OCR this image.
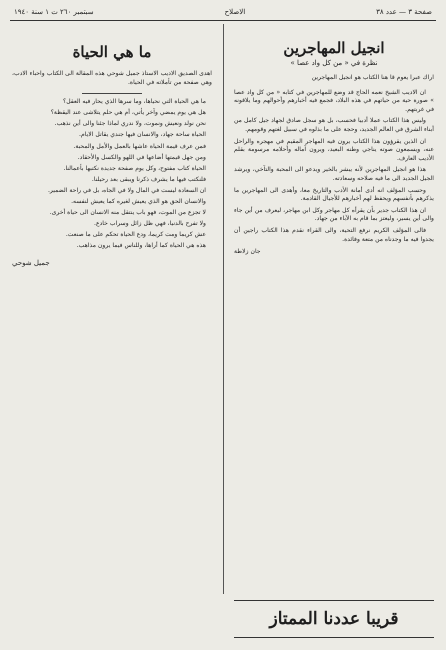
صفحة ٣ — عدد ٣٨
الاصلاح
سبتمبر ٢٦٠ ت ١ سنة ١٩٤٠
انجيل المهاجرين
نظرة في « من كل واد عصا »
اراك عبرا يعوم قا هنا الكتاب هو انجيل المهاجرين

ان الاديب الشيخ نعمه الحاج قد وضع للمهاجرين في كتابه « من كل واد عصا » صورة حية من حياتهم في هذه البلاد، فجمع فيه أخبارهم وأحوالهم وما يلاقونه في غربتهم.

وليس هذا الكتاب عملا أدبيا فحسب، بل هو سجل صادق لجهاد جيل كامل من أبناء الشرق في العالم الجديد، وحجة على ما بذلوه في سبيل لغتهم وقومهم.

ان الذين يقرؤون هذا الكتاب يرون فيه المهاجر المقيم في مهجره والراحل عنه، ويسمعون صوته يناجي وطنه البعيد، ويرون آماله وأحلامه مرسومة بقلم الأديب العارف.

هذا هو انجيل المهاجرين لأنه يبشر بالخير ويدعو الى المحبة والتآخي، ويرشد الجيل الجديد الى ما فيه صلاحه وسعادته.

وحسب المؤلف انه أدى أمانة الأدب والتاريخ معا، وأهدى الى المهاجرين ما يذكرهم بأنفسهم ويحفظ لهم أخبارهم للأجيال القادمة.

ان هذا الكتاب جدير بأن يقرأه كل مهاجر وكل ابن مهاجر، ليعرف من أين جاء والى أين يسير، وليعتز بما قام به الآباء من جهاد.

فالى المؤلف الكريم نرفع التحية، والى القراء نقدم هذا الكتاب راجين أن يجدوا فيه ما وجدناه من متعة وفائدة.

جان زلاطة
ما هي الحياة
اهدى الصديق الاديب الاستاذ جميل شوحي هذه المقالة الى الكتاب واحباء الادب، وهي صفحة من تأملاته في الحياة.

ما هي الحياة التي نحياها، وما سرها الذي يحار فيه العقل؟

هل هي يوم يمضي وآخر يأتي، أم هي حلم يتلاشى عند اليقظة؟

نحن نولد ونعيش ونموت، ولا ندري لماذا جئنا والى أين نذهب.

الحياة ساحة جهاد، والانسان فيها جندي يقاتل الايام.

فمن عرف قيمة الحياة عاشها بالعمل والأمل والمحبة.

ومن جهل قيمتها أضاعها في اللهو والكسل والأحقاد.

الحياة كتاب مفتوح، وكل يوم صفحة جديدة نكتبها بأعمالنا.

فلنكتب فيها ما يشرف ذكرنا ويبقى بعد رحيلنا.

ان السعادة ليست في المال ولا في الجاه، بل في راحة الضمير.

والانسان الحق هو الذي يعيش لغيره كما يعيش لنفسه.

لا تجزع من الموت، فهو باب ينتقل منه الانسان الى حياة أخرى.

ولا تفرح بالدنيا، فهي ظل زائل وسراب خادع.

عش كريما ومت كريما، ودع الحياة تحكم على ما صنعت.

هذه هي الحياة كما أراها، وللناس فيما يرون مذاهب.

جميل شوحي
قريبا عددنا الممتاز
